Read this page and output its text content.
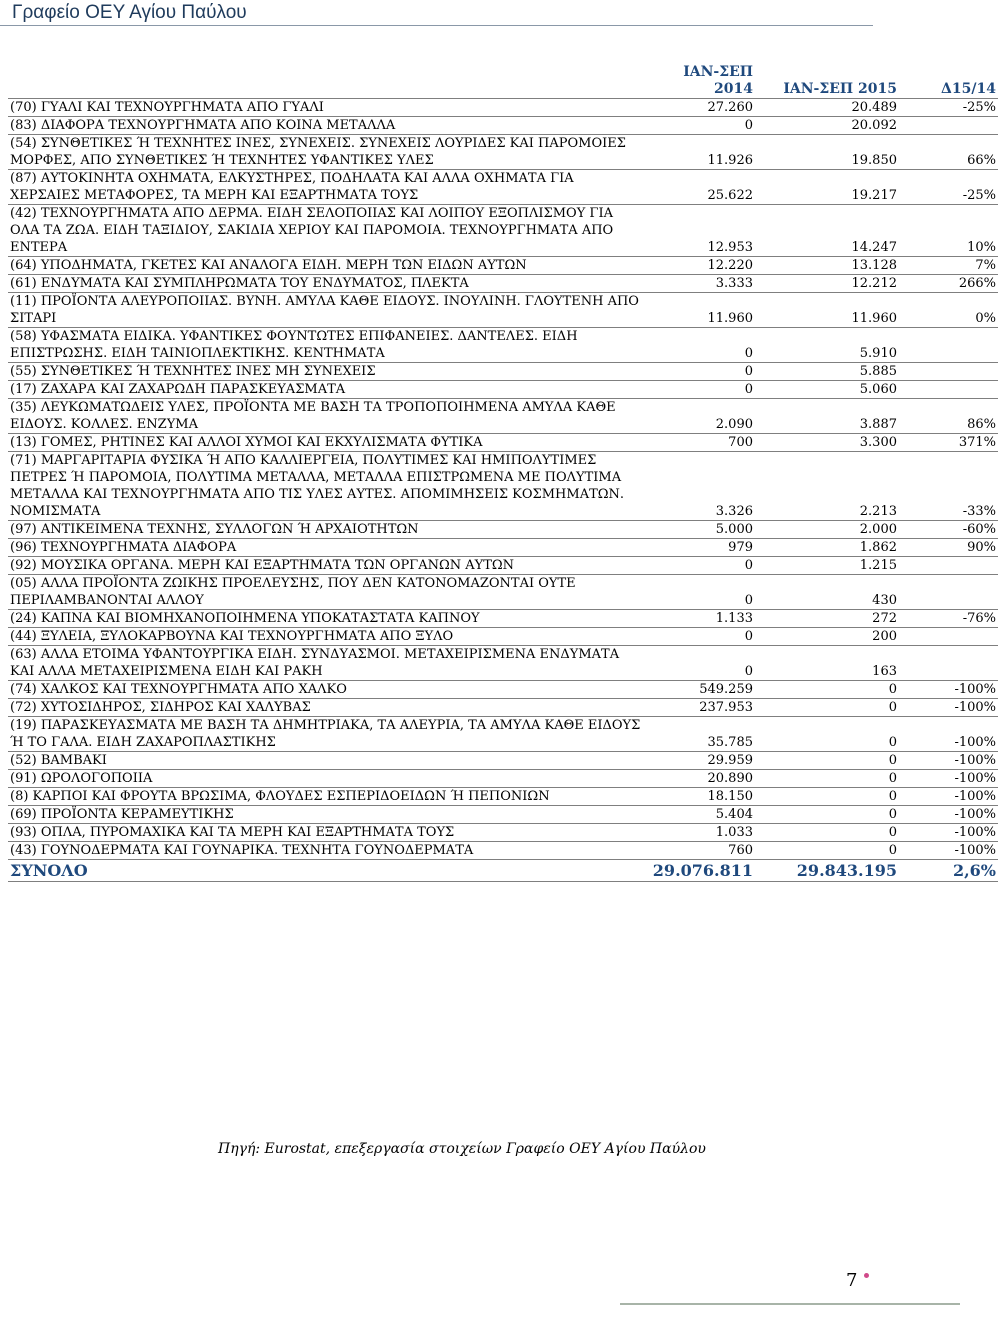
Γραφείο ΟΕΥ Αγίου Παύλου
	ΙΑΝ-ΣΕΠ 2014	ΙΑΝ-ΣΕΠ 2015	Δ15/14
(70) ΓΥΑΛΙ ΚΑΙ ΤΕΧΝΟΥΡΓΗΜΑΤΑ ΑΠΟ ΓΥΑΛΙ	27.260	20.489	-25%
(83) ΔΙΑΦΟΡΑ ΤΕΧΝΟΥΡΓΗΜΑΤΑ ΑΠΟ ΚΟΙΝΑ ΜΕΤΑΛΛΑ	0	20.092	
(54) ΣΥΝΘΕΤΙΚΕΣ Ή ΤΕΧΝΗΤΕΣ ΙΝΕΣ, ΣΥΝΕΧΕΙΣ. ΣΥΝΕΧΕΙΣ ΛΟΥΡΙΔΕΣ ΚΑΙ ΠΑΡΟΜΟΙΕΣ ΜΟΡΦΕΣ, ΑΠΟ ΣΥΝΘΕΤΙΚΕΣ Ή ΤΕΧΝΗΤΕΣ ΥΦΑΝΤΙΚΕΣ ΥΛΕΣ	11.926	19.850	66%
(87) ΑΥΤΟΚΙΝΗΤΑ ΟΧΗΜΑΤΑ, ΕΛΚΥΣΤΗΡΕΣ, ΠΟΔΗΛΑΤΑ ΚΑΙ ΑΛΛΑ ΟΧΗΜΑΤΑ ΓΙΑ ΧΕΡΣΑΙΕΣ ΜΕΤΑΦΟΡΕΣ, ΤΑ ΜΕΡΗ ΚΑΙ ΕΞΑΡΤΗΜΑΤΑ ΤΟΥΣ	25.622	19.217	-25%
(42) ΤΕΧΝΟΥΡΓΗΜΑΤΑ ΑΠΟ ΔΕΡΜΑ. ΕΙΔΗ ΣΕΛΟΠΟΙΙΑΣ ΚΑΙ ΛΟΙΠΟΥ ΕΞΟΠΛΙΣΜΟΥ ΓΙΑ ΟΛΑ ΤΑ ΖΩΑ. ΕΙΔΗ ΤΑΞΙΔΙΟΥ, ΣΑΚΙΔΙΑ ΧΕΡΙΟΥ ΚΑΙ ΠΑΡΟΜΟΙΑ. ΤΕΧΝΟΥΡΓΗΜΑΤΑ ΑΠΟ ΕΝΤΕΡΑ	12.953	14.247	10%
(64) ΥΠΟΔΗΜΑΤΑ, ΓΚΕΤΕΣ ΚΑΙ ΑΝΑΛΟΓΑ ΕΙΔΗ. ΜΕΡΗ ΤΩΝ ΕΙΔΩΝ ΑΥΤΩΝ	12.220	13.128	7%
(61) ΕΝΔΥΜΑΤΑ ΚΑΙ ΣΥΜΠΛΗΡΩΜΑΤΑ ΤΟΥ ΕΝΔΥΜΑΤΟΣ, ΠΛΕΚΤΑ	3.333	12.212	266%
(11) ΠΡΟΪΟΝΤΑ ΑΛΕΥΡΟΠΟΙΙΑΣ. ΒΥΝΗ. ΑΜΥΛΑ ΚΑΘΕ ΕΙΔΟΥΣ. ΙΝΟΥΛΙΝΗ. ΓΛΟΥΤΕΝΗ ΑΠΟ ΣΙΤΑΡΙ	11.960	11.960	0%
(58) ΥΦΑΣΜΑΤΑ ΕΙΔΙΚΑ. ΥΦΑΝΤΙΚΕΣ ΦΟΥΝΤΩΤΕΣ ΕΠΙΦΑΝΕΙΕΣ. ΔΑΝΤΕΛΕΣ. ΕΙΔΗ ΕΠΙΣΤΡΩΣΗΣ. ΕΙΔΗ ΤΑΙΝΙΟΠΛΕΚΤΙΚΗΣ. ΚΕΝΤΗΜΑΤΑ	0	5.910	
(55) ΣΥΝΘΕΤΙΚΕΣ Ή ΤΕΧΝΗΤΕΣ ΙΝΕΣ ΜΗ ΣΥΝΕΧΕΙΣ	0	5.885	
(17) ΖΑΧΑΡΑ ΚΑΙ ΖΑΧΑΡΩΔΗ ΠΑΡΑΣΚΕΥΑΣΜΑΤΑ	0	5.060	
(35) ΛΕΥΚΩΜΑΤΩΔΕΙΣ ΥΛΕΣ, ΠΡΟΪΟΝΤΑ ΜΕ ΒΑΣΗ ΤΑ ΤΡΟΠΟΠΟΙΗΜΕΝΑ ΑΜΥΛΑ ΚΑΘΕ ΕΙΔΟΥΣ. ΚΟΛΛΕΣ. ΕΝΖΥΜΑ	2.090	3.887	86%
(13) ΓΟΜΕΣ, ΡΗΤΙΝΕΣ ΚΑΙ ΑΛΛΟΙ ΧΥΜΟΙ ΚΑΙ ΕΚΧΥΛΙΣΜΑΤΑ ΦΥΤΙΚΑ	700	3.300	371%
(71) ΜΑΡΓΑΡΙΤΑΡΙΑ ΦΥΣΙΚΑ Ή ΑΠΟ ΚΑΛΛΙΕΡΓΕΙΑ, ΠΟΛΥΤΙΜΕΣ ΚΑΙ ΗΜΙΠΟΛΥΤΙΜΕΣ ΠΕΤΡΕΣ Ή ΠΑΡΟΜΟΙΑ, ΠΟΛΥΤΙΜΑ ΜΕΤΑΛΛΑ, ΜΕΤΑΛΛΑ ΕΠΙΣΤΡΩΜΕΝΑ ΜΕ ΠΟΛΥΤΙΜΑ ΜΕΤΑΛΛΑ ΚΑΙ ΤΕΧΝΟΥΡΓΗΜΑΤΑ ΑΠΟ ΤΙΣ ΥΛΕΣ ΑΥΤΕΣ. ΑΠΟΜΙΜΗΣΕΙΣ ΚΟΣΜΗΜΑΤΩΝ. ΝΟΜΙΣΜΑΤΑ	3.326	2.213	-33%
(97) ΑΝΤΙΚΕΙΜΕΝΑ ΤΕΧΝΗΣ, ΣΥΛΛΟΓΩΝ Ή ΑΡΧΑΙΟΤΗΤΩΝ	5.000	2.000	-60%
(96) ΤΕΧΝΟΥΡΓΗΜΑΤΑ ΔΙΑΦΟΡΑ	979	1.862	90%
(92) ΜΟΥΣΙΚΑ ΟΡΓΑΝΑ. ΜΕΡΗ ΚΑΙ ΕΞΑΡΤΗΜΑΤΑ ΤΩΝ ΟΡΓΑΝΩΝ ΑΥΤΩΝ	0	1.215	
(05) ΑΛΛΑ ΠΡΟΪΟΝΤΑ ΖΩΙΚΗΣ ΠΡΟΕΛΕΥΣΗΣ, ΠΟΥ ΔΕΝ ΚΑΤΟΝΟΜΑΖΟΝΤΑΙ ΟΥΤΕ ΠΕΡΙΛΑΜΒΑΝΟΝΤΑΙ ΑΛΛΟΥ	0	430	
(24) ΚΑΠΝΑ ΚΑΙ ΒΙΟΜΗΧΑΝΟΠΟΙΗΜΕΝΑ ΥΠΟΚΑΤΑΣΤΑΤΑ ΚΑΠΝΟΥ	1.133	272	-76%
(44) ΞΥΛΕΙΑ, ΞΥΛΟΚΑΡΒΟΥΝΑ ΚΑΙ ΤΕΧΝΟΥΡΓΗΜΑΤΑ ΑΠΟ ΞΥΛΟ	0	200	
(63) ΑΛΛΑ ΕΤΟΙΜΑ ΥΦΑΝΤΟΥΡΓΙΚΑ ΕΙΔΗ. ΣΥΝΔΥΑΣΜΟΙ. ΜΕΤΑΧΕΙΡΙΣΜΕΝΑ ΕΝΔΥΜΑΤΑ ΚΑΙ ΑΛΛΑ ΜΕΤΑΧΕΙΡΙΣΜΕΝΑ ΕΙΔΗ ΚΑΙ ΡΑΚΗ	0	163	
(74) ΧΑΛΚΟΣ ΚΑΙ ΤΕΧΝΟΥΡΓΗΜΑΤΑ ΑΠΟ ΧΑΛΚΟ	549.259	0	-100%
(72) ΧΥΤΟΣΙΔΗΡΟΣ, ΣΙΔΗΡΟΣ ΚΑΙ ΧΑΛΥΒΑΣ	237.953	0	-100%
(19) ΠΑΡΑΣΚΕΥΑΣΜΑΤΑ ΜΕ ΒΑΣΗ ΤΑ ΔΗΜΗΤΡΙΑΚΑ, ΤΑ ΑΛΕΥΡΙΑ, ΤΑ ΑΜΥΛΑ ΚΑΘΕ ΕΙΔΟΥΣ Ή ΤΟ ΓΑΛΑ. ΕΙΔΗ ΖΑΧΑΡΟΠΛΑΣΤΙΚΗΣ	35.785	0	-100%
(52) ΒΑΜΒΑΚΙ	29.959	0	-100%
(91) ΩΡΟΛΟΓΟΠΟΙΙΑ	20.890	0	-100%
(8) ΚΑΡΠΟΙ ΚΑΙ ΦΡΟΥΤΑ ΒΡΩΣΙΜΑ, ΦΛΟΥΔΕΣ ΕΣΠΕΡΙΔΟΕΙΔΩΝ Ή ΠΕΠΟΝΙΩΝ	18.150	0	-100%
(69) ΠΡΟΪΟΝΤΑ ΚΕΡΑΜΕΥΤΙΚΗΣ	5.404	0	-100%
(93) ΟΠΛΑ, ΠΥΡΟΜΑΧΙΚΑ ΚΑΙ ΤΑ ΜΕΡΗ ΚΑΙ ΕΞΑΡΤΗΜΑΤΑ ΤΟΥΣ	1.033	0	-100%
(43) ΓΟΥΝΟΔΕΡΜΑΤΑ ΚΑΙ ΓΟΥΝΑΡΙΚΑ. ΤΕΧΝΗΤΑ ΓΟΥΝΟΔΕΡΜΑΤΑ	760	0	-100%
ΣΥΝΟΛΟ	29.076.811	29.843.195	2,6%
Πηγή: Eurostat, επεξεργασία στοιχείων Γραφείο ΟΕΥ Αγίου Παύλου
7
